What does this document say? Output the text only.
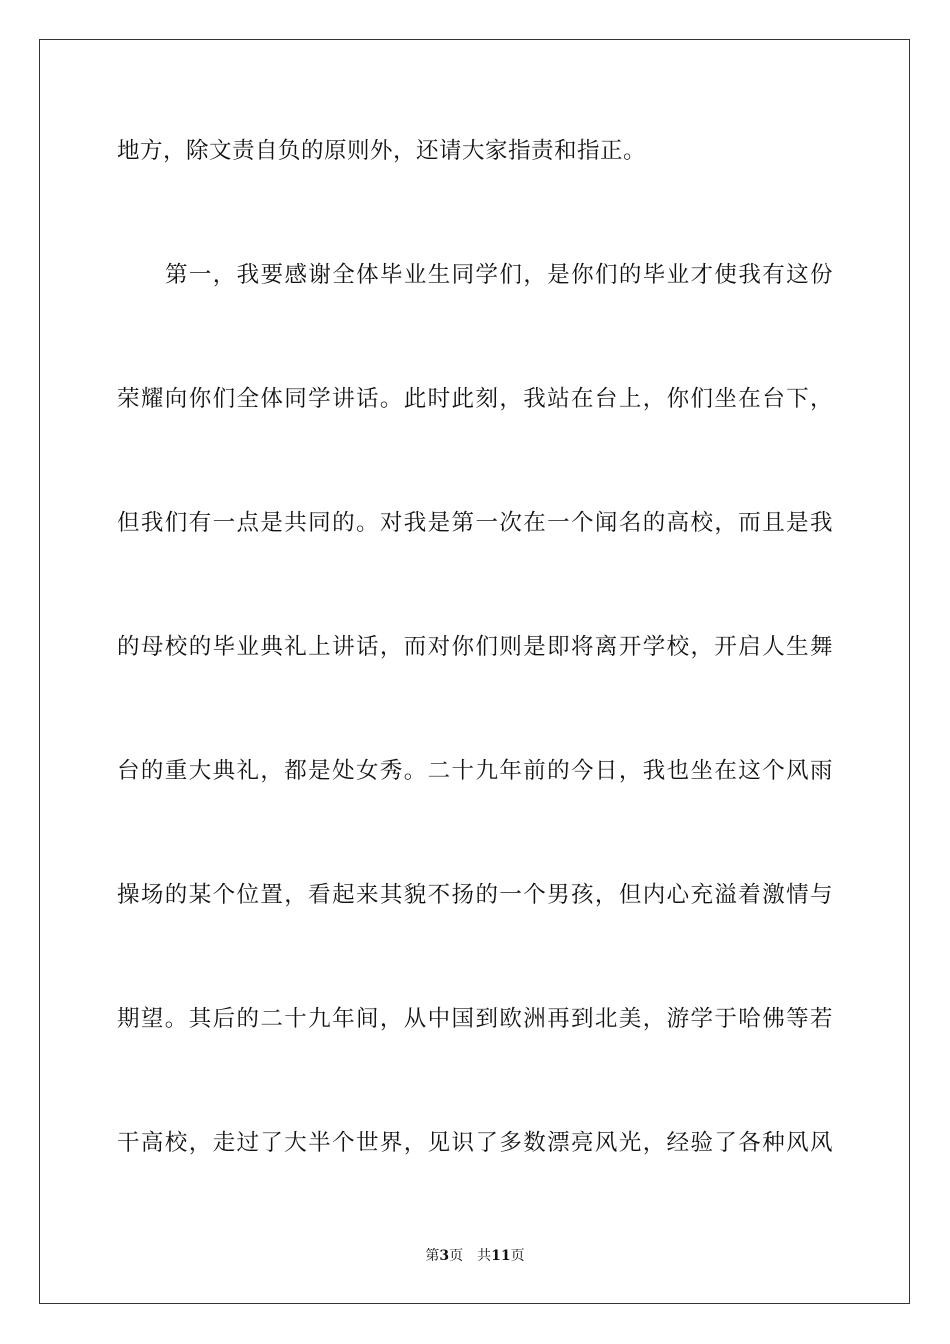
地方，除文责自负的原则外，还请大家指责和指正。
第一，我要感谢全体毕业生同学们，是你们的毕业才使我有这份
荣耀向你们全体同学讲话。此时此刻，我站在台上，你们坐在台下，
但我们有一点是共同的。对我是第一次在一个闻名的高校，而且是我
的母校的毕业典礼上讲话，而对你们则是即将离开学校，开启人生舞
台的重大典礼，都是处女秀。二十九年前的今日，我也坐在这个风雨
操场的某个位置，看起来其貌不扬的一个男孩，但内心充溢着激情与
期望。其后的二十九年间，从中国到欧洲再到北美，游学于哈佛等若
干高校，走过了大半个世界，见识了多数漂亮风光，经验了各种风风
第3页 共11页
